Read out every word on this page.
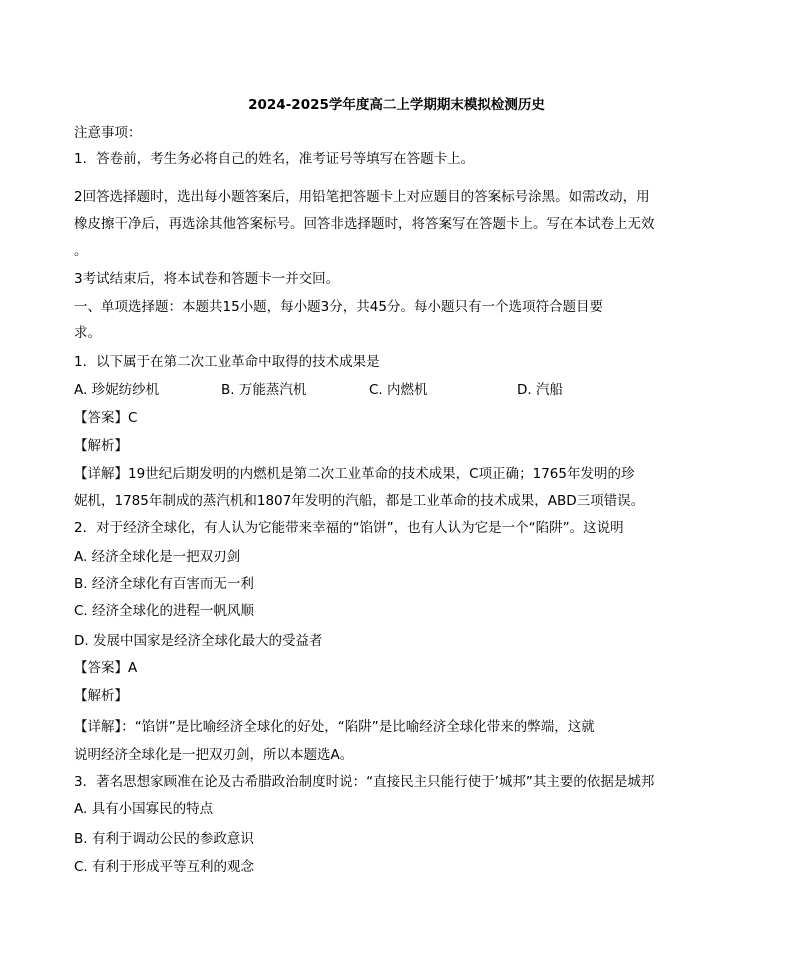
2024-2025学年度高二上学期期末模拟检测历史
注意事项：
1．答卷前，考生务必将自己的姓名，准考证号等填写在答题卡上。
2回答选择题时，选出每小题答案后，用铅笔把答题卡上对应题目的答案标号涂黑。如需改动，用
橡皮擦干净后，再选涂其他答案标号。回答非选择题时，将答案写在答题卡上。写在本试卷上无效
。
3考试结束后，将本试卷和答题卡一并交回。
一、单项选择题：本题共15小题，每小题3分，共45分。每小题只有一个选项符合题目要
求。
1．以下属于在第二次工业革命中取得的技术成果是
A. 珍妮纺纱机	B. 万能蒸汽机	C. 内燃机	D. 汽船
【答案】C
【解析】
【详解】19世纪后期发明的内燃机是第二次工业革命的技术成果，C项正确；1765年发明的珍
妮机，1785年制成的蒸汽机和1807年发明的汽船，都是工业革命的技术成果，ABD三项错误。
2．对于经济全球化，有人认为它能带来幸福的“馅饼”，也有人认为它是一个“陷阱”。这说明
A. 经济全球化是一把双刃剑
B. 经济全球化有百害而无一利
C. 经济全球化的进程一帆风顺
D. 发展中国家是经济全球化最大的受益者
【答案】A
【解析】
【详解】：“馅饼”是比喻经济全球化的好处，“陷阱”是比喻经济全球化带来的弊端，这就
说明经济全球化是一把双刃剑，所以本题选A。
3．著名思想家顾准在论及古希腊政治制度时说：“直接民主只能行使于’城邦”其主要的依据是城邦
A. 具有小国寡民的特点
B. 有利于调动公民的参政意识
C. 有利于形成平等互利的观念
